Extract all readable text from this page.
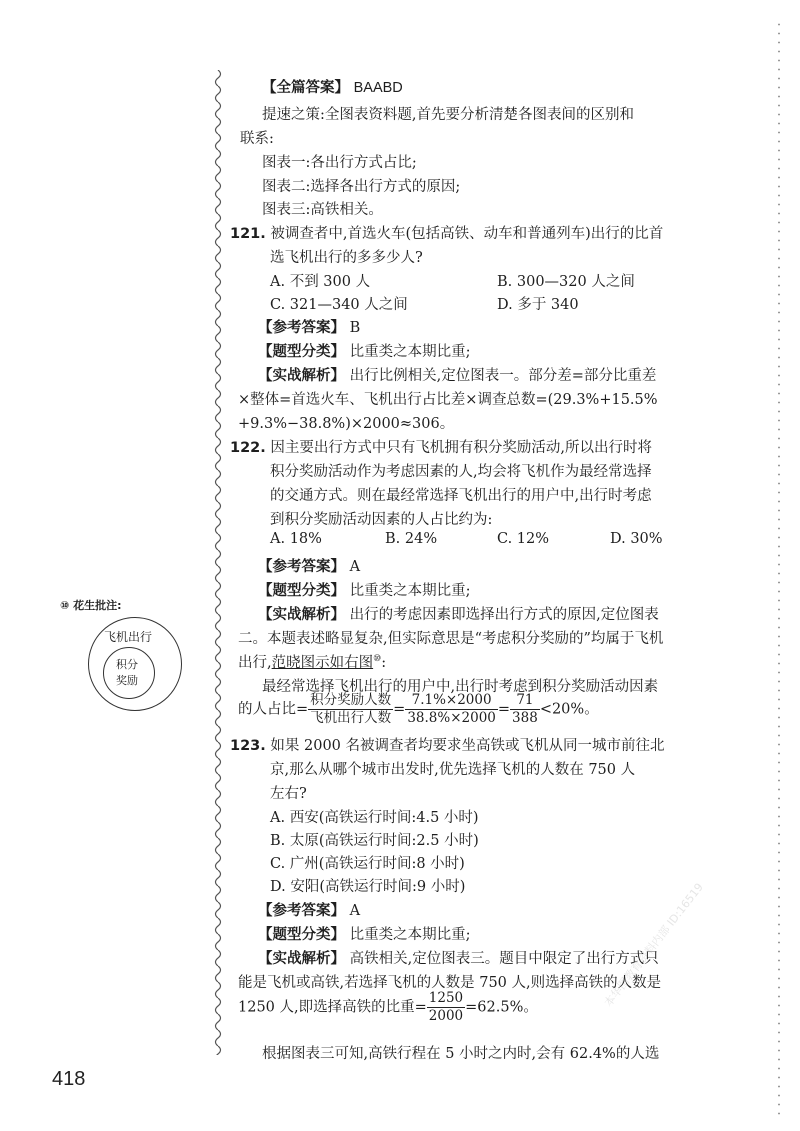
本华图教育资料内部 ID:16519
【全篇答案】 BAABD
提速之策:全图表资料题,首先要分析清楚各图表间的区别和
联系:
图表一:各出行方式占比;
图表二:选择各出行方式的原因;
图表三:高铁相关。
121. 被调查者中,首选火车(包括高铁、动车和普通列车)出行的比首
选飞机出行的多多少人?
A. 不到 300 人	B. 300—320 人之间
C. 321—340 人之间	D. 多于 340
【参考答案】 B
【题型分类】 比重类之本期比重;
【实战解析】 出行比例相关,定位图表一。部分差=部分比重差
×整体=首选火车、飞机出行占比差×调查总数=(29.3%+15.5%
+9.3%−38.8%)×2000≈306。
122. 因主要出行方式中只有飞机拥有积分奖励活动,所以出行时将
积分奖励活动作为考虑因素的人,均会将飞机作为最经常选择
的交通方式。则在最经常选择飞机出行的用户中,出行时考虑
到积分奖励活动因素的人占比约为:
A. 18%	B. 24%	C. 12%	D. 30%
【参考答案】 A
【题型分类】 比重类之本期比重;
【实战解析】 出行的考虑因素即选择出行方式的原因,定位图表
二。本题表述略显复杂,但实际意思是“考虑积分奖励的”均属于飞机
出行,范晓图示如右图⑩:
最经常选择飞机出行的用户中,出行时考虑到积分奖励活动因素
的人占比= $\frac{\text{积分奖励人数}}{\text{飞机出行人数}} = \frac{7.1\%\times 2000}{38.8\%\times 2000} = \frac{71}{388} <20\%$。
⑩ 花生批注:
飞机出行
积分
奖励
123. 如果 2000 名被调查者均要求坐高铁或飞机从同一城市前往北
京,那么从哪个城市出发时,优先选择飞机的人数在 750 人
左右?
A. 西安(高铁运行时间:4.5 小时)
B. 太原(高铁运行时间:2.5 小时)
C. 广州(高铁运行时间:8 小时)
D. 安阳(高铁运行时间:9 小时)
【参考答案】 A
【题型分类】 比重类之本期比重;
【实战解析】 高铁相关,定位图表三。题目中限定了出行方式只
能是飞机或高铁,若选择飞机的人数是 750 人,则选择高铁的人数是
1250 人,即选择高铁的比重= $\frac{1250}{2000} =62.5\%$。
根据图表三可知,高铁行程在 5 小时之内时,会有 62.4%的人选
418
